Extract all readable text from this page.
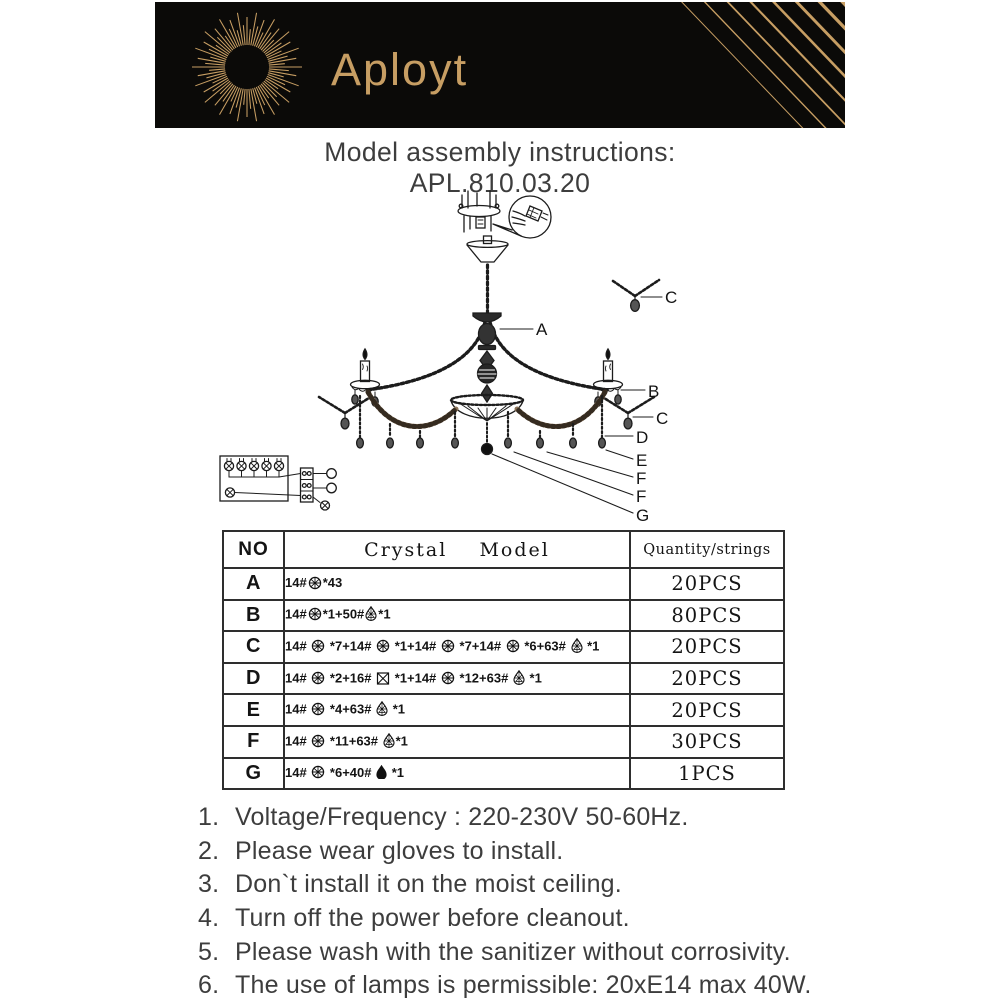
Aployt
Model assembly instructions:
APL.810.03.20
A
B
C
D
E
F
F
G
C
NO	Crystal    Model	Quantity/strings
A	14# *43	20PCS
B	14# *1+50# *1	80PCS
C	14#  *7+14#  *1+14#  *7+14#  *6+63#  *1	20PCS
D	14#  *2+16#  *1+14#  *12+63#  *1	20PCS
E	14#  *4+63#  *1	20PCS
F	14#  *11+63# *1	30PCS
G	14#  *6+40#  *1	1PCS
1. Voltage/Frequency : 220-230V 50-60Hz.
2. Please wear gloves to install.
3. Don`t install it on the moist ceiling.
4. Turn off the power before cleanout.
5. Please wash with the sanitizer without corrosivity.
6. The use of lamps is permissible: 20xE14 max 40W.
